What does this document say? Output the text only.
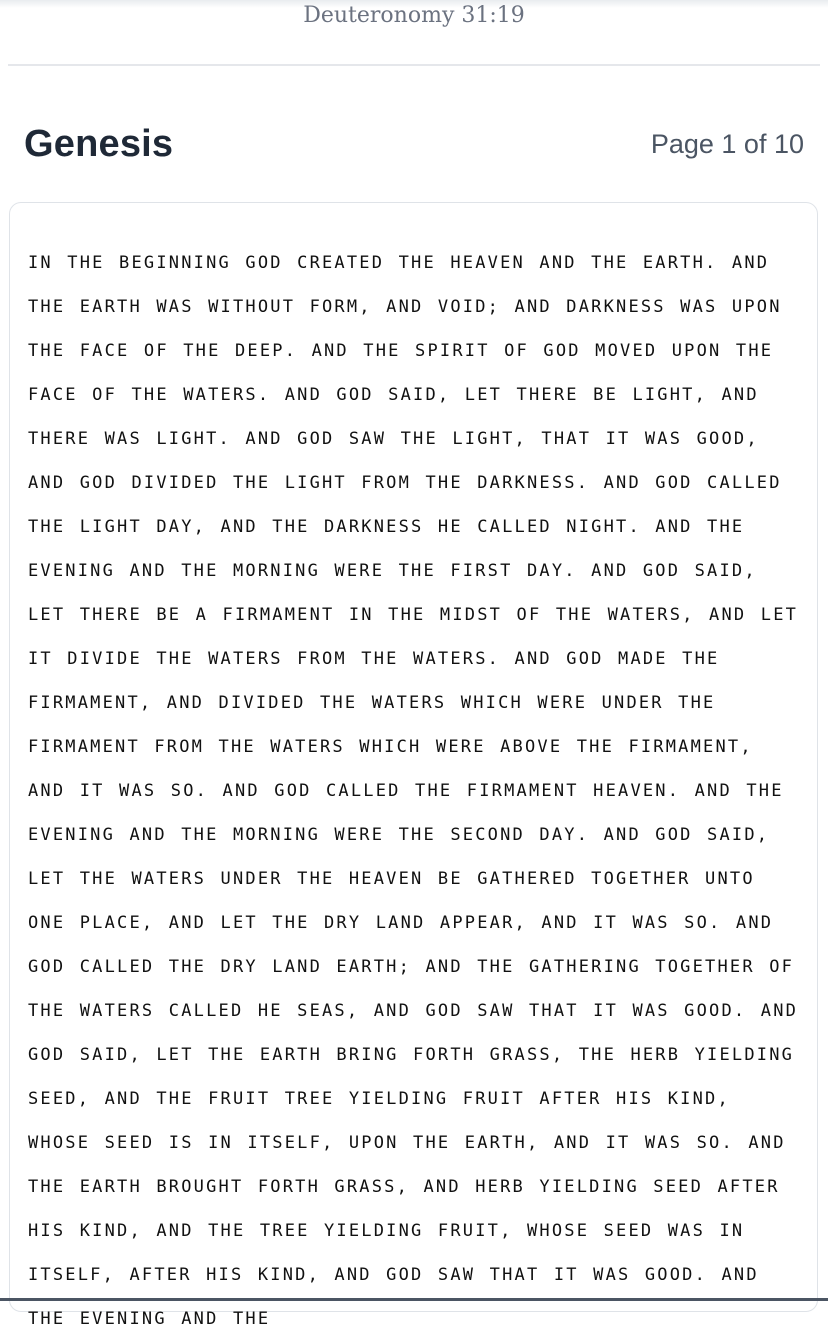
Deuteronomy 31:19
Genesis	Page 1 of 10
IN THE BEGINNING GOD CREATED THE HEAVEN AND THE EARTH. AND THE EARTH WAS WITHOUT FORM, AND VOID; AND DARKNESS WAS UPON THE FACE OF THE DEEP. AND THE SPIRIT OF GOD MOVED UPON THE FACE OF THE WATERS. AND GOD SAID, LET THERE BE LIGHT, AND THERE WAS LIGHT. AND GOD SAW THE LIGHT, THAT IT WAS GOOD, AND GOD DIVIDED THE LIGHT FROM THE DARKNESS. AND GOD CALLED THE LIGHT DAY, AND THE DARKNESS HE CALLED NIGHT. AND THE EVENING AND THE MORNING WERE THE FIRST DAY. AND GOD SAID, LET THERE BE A FIRMAMENT IN THE MIDST OF THE WATERS, AND LET IT DIVIDE THE WATERS FROM THE WATERS. AND GOD MADE THE FIRMAMENT, AND DIVIDED THE WATERS WHICH WERE UNDER THE FIRMAMENT FROM THE WATERS WHICH WERE ABOVE THE FIRMAMENT, AND IT WAS SO. AND GOD CALLED THE FIRMAMENT HEAVEN. AND THE EVENING AND THE MORNING WERE THE SECOND DAY. AND GOD SAID, LET THE WATERS UNDER THE HEAVEN BE GATHERED TOGETHER UNTO ONE PLACE, AND LET THE DRY LAND APPEAR, AND IT WAS SO. AND GOD CALLED THE DRY LAND EARTH; AND THE GATHERING TOGETHER OF THE WATERS CALLED HE SEAS, AND GOD SAW THAT IT WAS GOOD. AND GOD SAID, LET THE EARTH BRING FORTH GRASS, THE HERB YIELDING SEED, AND THE FRUIT TREE YIELDING FRUIT AFTER HIS KIND, WHOSE SEED IS IN ITSELF, UPON THE EARTH, AND IT WAS SO. AND THE EARTH BROUGHT FORTH GRASS, AND HERB YIELDING SEED AFTER HIS KIND, AND THE TREE YIELDING FRUIT, WHOSE SEED WAS IN ITSELF, AFTER HIS KIND, AND GOD SAW THAT IT WAS GOOD. AND THE EVENING AND THE
